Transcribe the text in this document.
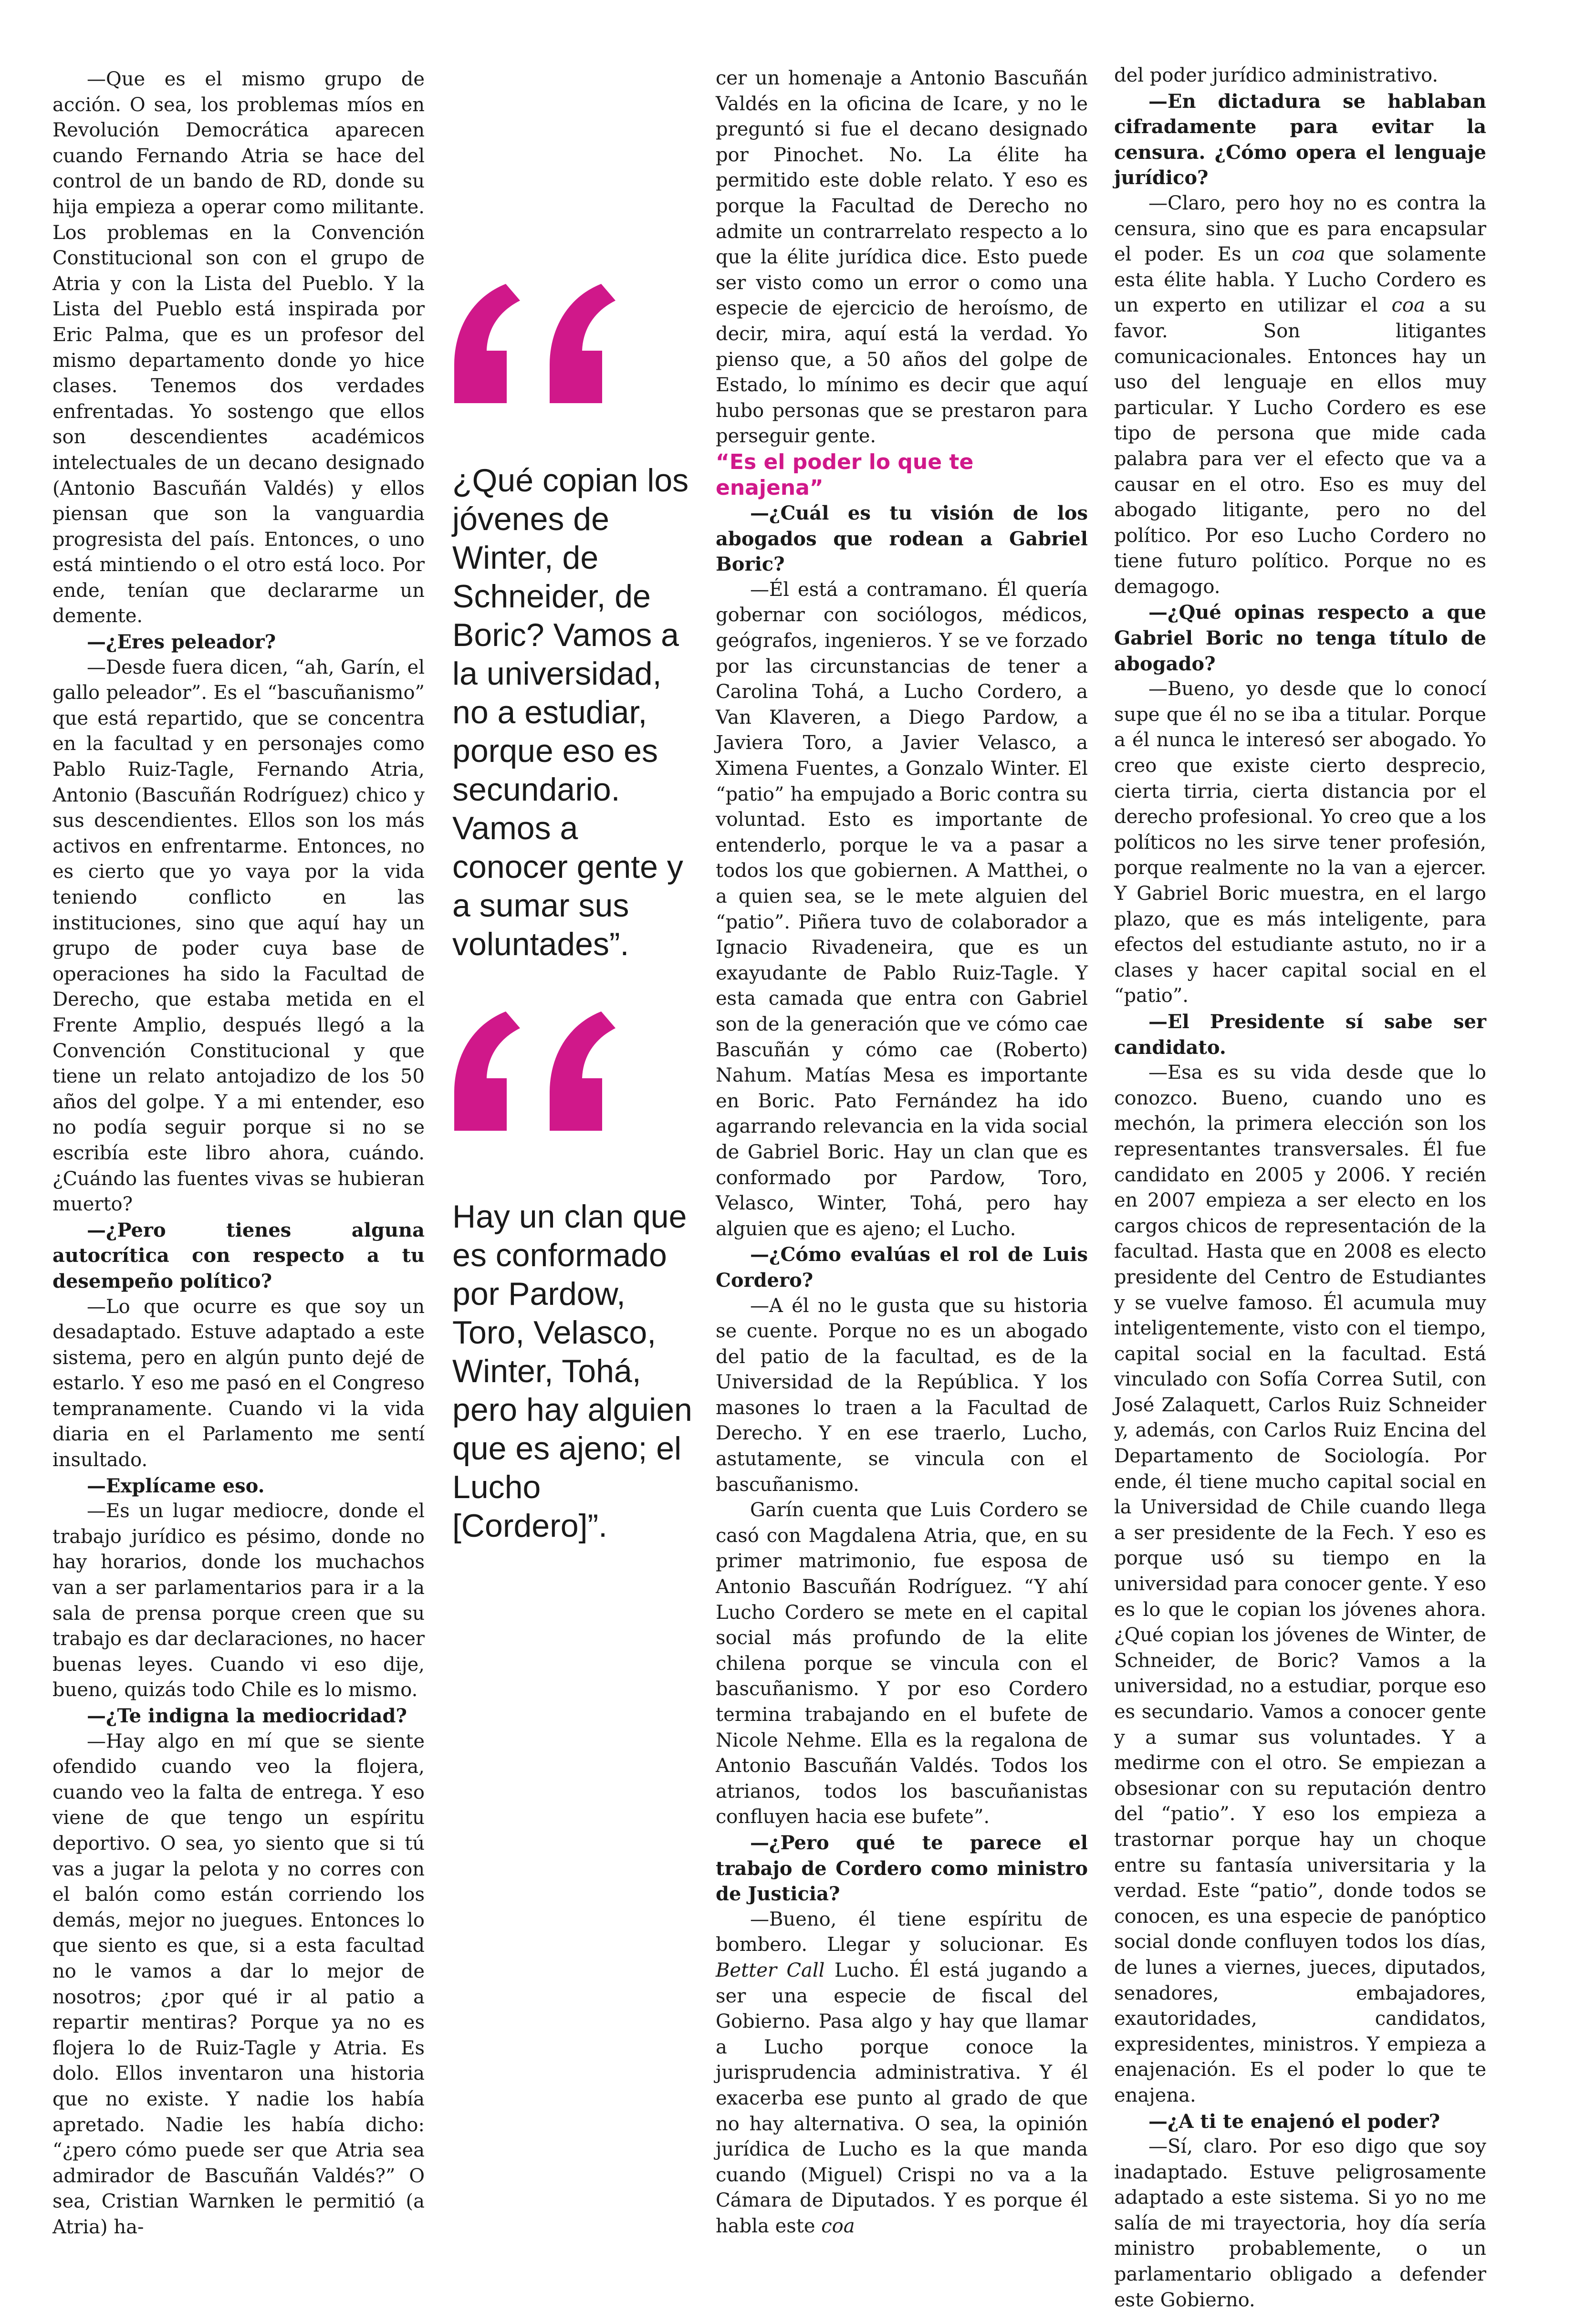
—Que es el mismo grupo de acción. O sea, los problemas míos en Revolución Democrática aparecen cuando Fernando Atria se hace del control de un bando de RD, donde su hija empieza a operar como militante. Los problemas en la Convención Constitucional son con el grupo de Atria y con la Lista del Pueblo. Y la Lista del Pueblo está inspirada por Eric Palma, que es un profesor del mismo departamento donde yo hice clases. Tenemos dos verdades enfrentadas. Yo sostengo que ellos son descendientes académicos intelectuales de un decano designado (Antonio Bascuñán Valdés) y ellos piensan que son la vanguardia progresista del país. Entonces, o uno está mintiendo o el otro está loco. Por ende, tenían que declararme un demente.

—¿Eres peleador?

—Desde fuera dicen, “ah, Garín, el gallo peleador”. Es el “bascuñanismo” que está repartido, que se concentra en la facultad y en personajes como Pablo Ruiz-Tagle, Fernando Atria, Antonio (Bascuñán Rodríguez) chico y sus descendientes. Ellos son los más activos en enfrentarme. Entonces, no es cierto que yo vaya por la vida teniendo conflicto en las instituciones, sino que aquí hay un grupo de poder cuya base de operaciones ha sido la Facultad de Derecho, que estaba metida en el Frente Amplio, después llegó a la Convención Constitucional y que tiene un relato antojadizo de los 50 años del golpe. Y a mi entender, eso no podía seguir porque si no se escribía este libro ahora, cuándo. ¿Cuándo las fuentes vivas se hubieran muerto?

—¿Pero tienes alguna autocrítica con respecto a tu desempeño político?

—Lo que ocurre es que soy un desadaptado. Estuve adaptado a este sistema, pero en algún punto dejé de estarlo. Y eso me pasó en el Congreso tempranamente. Cuando vi la vida diaria en el Parlamento me sentí insultado.

—Explícame eso.

—Es un lugar mediocre, donde el trabajo jurídico es pésimo, donde no hay horarios, donde los muchachos van a ser parlamentarios para ir a la sala de prensa porque creen que su trabajo es dar declaraciones, no hacer buenas leyes. Cuando vi eso dije, bueno, quizás todo Chile es lo mismo.

—¿Te indigna la mediocridad?

—Hay algo en mí que se siente ofendido cuando veo la flojera, cuando veo la falta de entrega. Y eso viene de que tengo un espíritu deportivo. O sea, yo siento que si tú vas a jugar la pelota y no corres con el balón como están corriendo los demás, mejor no juegues. Entonces lo que siento es que, si a esta facultad no le vamos a dar lo mejor de nosotros; ¿por qué ir al patio a repartir mentiras? Porque ya no es flojera lo de Ruiz-Tagle y Atria. Es dolo. Ellos inventaron una historia que no existe. Y nadie los había apretado. Nadie les había dicho: “¿pero cómo puede ser que Atria sea admirador de Bascuñán Valdés?” O sea, Cristian Warnken le permitió (a Atria) ha-

¿Qué copian los jóvenes de Winter, de Schneider, de Boric? Vamos a la universidad, no a estudiar, porque eso es secundario. Vamos a conocer gente y a sumar sus voluntades”.
Hay un clan que es conformado por Pardow, Toro, Velasco, Winter, Tohá, pero hay alguien que es ajeno; el Lucho [Cordero]”.

cer un homenaje a Antonio Bascuñán Valdés en la oficina de Icare, y no le preguntó si fue el decano designado por Pinochet. No. La élite ha permitido este doble relato. Y eso es porque la Facultad de Derecho no admite un contrarrelato respecto a lo que la élite jurídica dice. Esto puede ser visto como un error o como una especie de ejercicio de heroísmo, de decir, mira, aquí está la verdad. Yo pienso que, a 50 años del golpe de Estado, lo mínimo es decir que aquí hubo personas que se prestaron para perseguir gente.

“Es el poder lo que te enajena”

—¿Cuál es tu visión de los abogados que rodean a Gabriel Boric?

—Él está a contramano. Él quería gobernar con sociólogos, médicos, geógrafos, ingenieros. Y se ve forzado por las circunstancias de tener a Carolina Tohá, a Lucho Cordero, a Van Klaveren, a Diego Pardow, a Javiera Toro, a Javier Velasco, a Ximena Fuentes, a Gonzalo Winter. El “patio” ha empujado a Boric contra su voluntad. Esto es importante de entenderlo, porque le va a pasar a todos los que gobiernen. A Matthei, o a quien sea, se le mete alguien del “patio”. Piñera tuvo de colaborador a Ignacio Rivadeneira, que es un exayudante de Pablo Ruiz-Tagle. Y esta camada que entra con Gabriel son de la generación que ve cómo cae Bascuñán y cómo cae (Roberto) Nahum. Matías Mesa es importante en Boric. Pato Fernández ha ido agarrando relevancia en la vida social de Gabriel Boric. Hay un clan que es conformado por Pardow, Toro, Velasco, Winter, Tohá, pero hay alguien que es ajeno; el Lucho.

—¿Cómo evalúas el rol de Luis Cordero?

—A él no le gusta que su historia se cuente. Porque no es un abogado del patio de la facultad, es de la Universidad de la República. Y los masones lo traen a la Facultad de Derecho. Y en ese traerlo, Lucho, astutamente, se vincula con el bascuñanismo.

Garín cuenta que Luis Cordero se casó con Magdalena Atria, que, en su primer matrimonio, fue esposa de Antonio Bascuñán Rodríguez. “Y ahí Lucho Cordero se mete en el capital social más profundo de la elite chilena porque se vincula con el bascuñanismo. Y por eso Cordero termina trabajando en el bufete de Nicole Nehme. Ella es la regalona de Antonio Bascuñán Valdés. Todos los atrianos, todos los bascuñanistas confluyen hacia ese bufete”.

—¿Pero qué te parece el trabajo de Cordero como ministro de Justicia?

—Bueno, él tiene espíritu de bombero. Llegar y solucionar. Es Better Call Lucho. Él está jugando a ser una especie de fiscal del Gobierno. Pasa algo y hay que llamar a Lucho porque conoce la jurisprudencia administrativa. Y él exacerba ese punto al grado de que no hay alternativa. O sea, la opinión jurídica de Lucho es la que manda cuando (Miguel) Crispi no va a la Cámara de Diputados. Y es porque él habla este coa

del poder jurídico administrativo.

—En dictadura se hablaban cifradamente para evitar la censura. ¿Cómo opera el lenguaje jurídico?

—Claro, pero hoy no es contra la censura, sino que es para encapsular el poder. Es un coa que solamente esta élite habla. Y Lucho Cordero es un experto en utilizar el coa a su favor. Son litigantes comunicacionales. Entonces hay un uso del lenguaje en ellos muy particular. Y Lucho Cordero es ese tipo de persona que mide cada palabra para ver el efecto que va a causar en el otro. Eso es muy del abogado litigante, pero no del político. Por eso Lucho Cordero no tiene futuro político. Porque no es demagogo.

—¿Qué opinas respecto a que Gabriel Boric no tenga título de abogado?

—Bueno, yo desde que lo conocí supe que él no se iba a titular. Porque a él nunca le interesó ser abogado. Yo creo que existe cierto desprecio, cierta tirria, cierta distancia por el derecho profesional. Yo creo que a los políticos no les sirve tener profesión, porque realmente no la van a ejercer. Y Gabriel Boric muestra, en el largo plazo, que es más inteligente, para efectos del estudiante astuto, no ir a clases y hacer capital social en el “patio”.

—El Presidente sí sabe ser candidato.

—Esa es su vida desde que lo conozco. Bueno, cuando uno es mechón, la primera elección son los representantes transversales. Él fue candidato en 2005 y 2006. Y recién en 2007 empieza a ser electo en los cargos chicos de representación de la facultad. Hasta que en 2008 es electo presidente del Centro de Estudiantes y se vuelve famoso. Él acumula muy inteligentemente, visto con el tiempo, capital social en la facultad. Está vinculado con Sofía Correa Sutil, con José Zalaquett, Carlos Ruiz Schneider y, además, con Carlos Ruiz Encina del Departamento de Sociología. Por ende, él tiene mucho capital social en la Universidad de Chile cuando llega a ser presidente de la Fech. Y eso es porque usó su tiempo en la universidad para conocer gente. Y eso es lo que le copian los jóvenes ahora. ¿Qué copian los jóvenes de Winter, de Schneider, de Boric? Vamos a la universidad, no a estudiar, porque eso es secundario. Vamos a conocer gente y a sumar sus voluntades. Y a medirme con el otro. Se empiezan a obsesionar con su reputación dentro del “patio”. Y eso los empieza a trastornar porque hay un choque entre su fantasía universitaria y la verdad. Este “patio”, donde todos se conocen, es una especie de panóptico social donde confluyen todos los días, de lunes a viernes, jueces, diputados, senadores, embajadores, exautoridades, candidatos, expresidentes, ministros. Y empieza a enajenación. Es el poder lo que te enajena.

—¿A ti te enajenó el poder?

—Sí, claro. Por eso digo que soy inadaptado. Estuve peligrosamente adaptado a este sistema. Si yo no me salía de mi trayectoria, hoy día sería ministro probablemente, o un parlamentario obligado a defender este Gobierno.
